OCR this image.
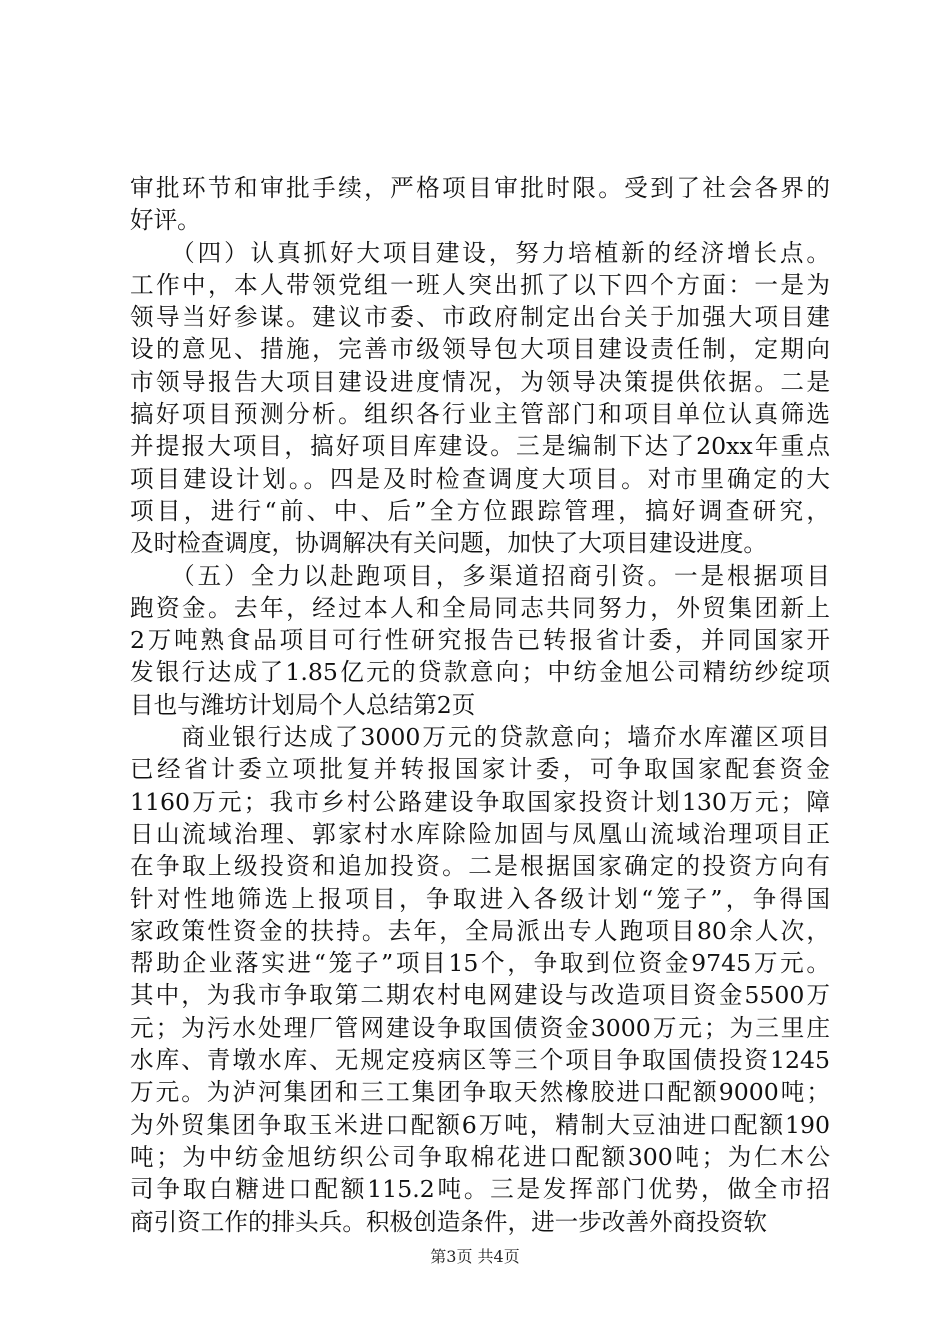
审批环节和审批手续，严格项目审批时限。受到了社会各界的
好评。
　　（四）认真抓好大项目建设，努力培植新的经济增长点。
工作中，本人带领党组一班人突出抓了以下四个方面：一是为
领导当好参谋。建议市委、市政府制定出台关于加强大项目建
设的意见、措施，完善市级领导包大项目建设责任制，定期向
市领导报告大项目建设进度情况，为领导决策提供依据。二是
搞好项目预测分析。组织各行业主管部门和项目单位认真筛选
并提报大项目，搞好项目库建设。三是编制下达了20xx年重点
项目建设计划。。四是及时检查调度大项目。对市里确定的大
项目，进行“前、中、后”全方位跟踪管理，搞好调查研究，
及时检查调度，协调解决有关问题，加快了大项目建设进度。
　　（五）全力以赴跑项目，多渠道招商引资。一是根据项目
跑资金。去年，经过本人和全局同志共同努力，外贸集团新上
2万吨熟食品项目可行性研究报告已转报省计委，并同国家开
发银行达成了1.85亿元的贷款意向；中纺金旭公司精纺纱绽项
目也与潍坊计划局个人总结第2页
　　商业银行达成了3000万元的贷款意向；墙夼水库灌区项目
已经省计委立项批复并转报国家计委，可争取国家配套资金
1160万元；我市乡村公路建设争取国家投资计划130万元；障
日山流域治理、郭家村水库除险加固与凤凰山流域治理项目正
在争取上级投资和追加投资。二是根据国家确定的投资方向有
针对性地筛选上报项目，争取进入各级计划“笼子”，争得国
家政策性资金的扶持。去年，全局派出专人跑项目80余人次，
帮助企业落实进“笼子”项目15个，争取到位资金9745万元。
其中，为我市争取第二期农村电网建设与改造项目资金5500万
元；为污水处理厂管网建设争取国债资金3000万元；为三里庄
水库、青墩水库、无规定疫病区等三个项目争取国债投资1245
万元。为泸河集团和三工集团争取天然橡胶进口配额9000吨；
为外贸集团争取玉米进口配额6万吨，精制大豆油进口配额190
吨；为中纺金旭纺织公司争取棉花进口配额300吨；为仁木公
司争取白糖进口配额115.2吨。三是发挥部门优势，做全市招
商引资工作的排头兵。积极创造条件，进一步改善外商投资软
第3页 共4页
